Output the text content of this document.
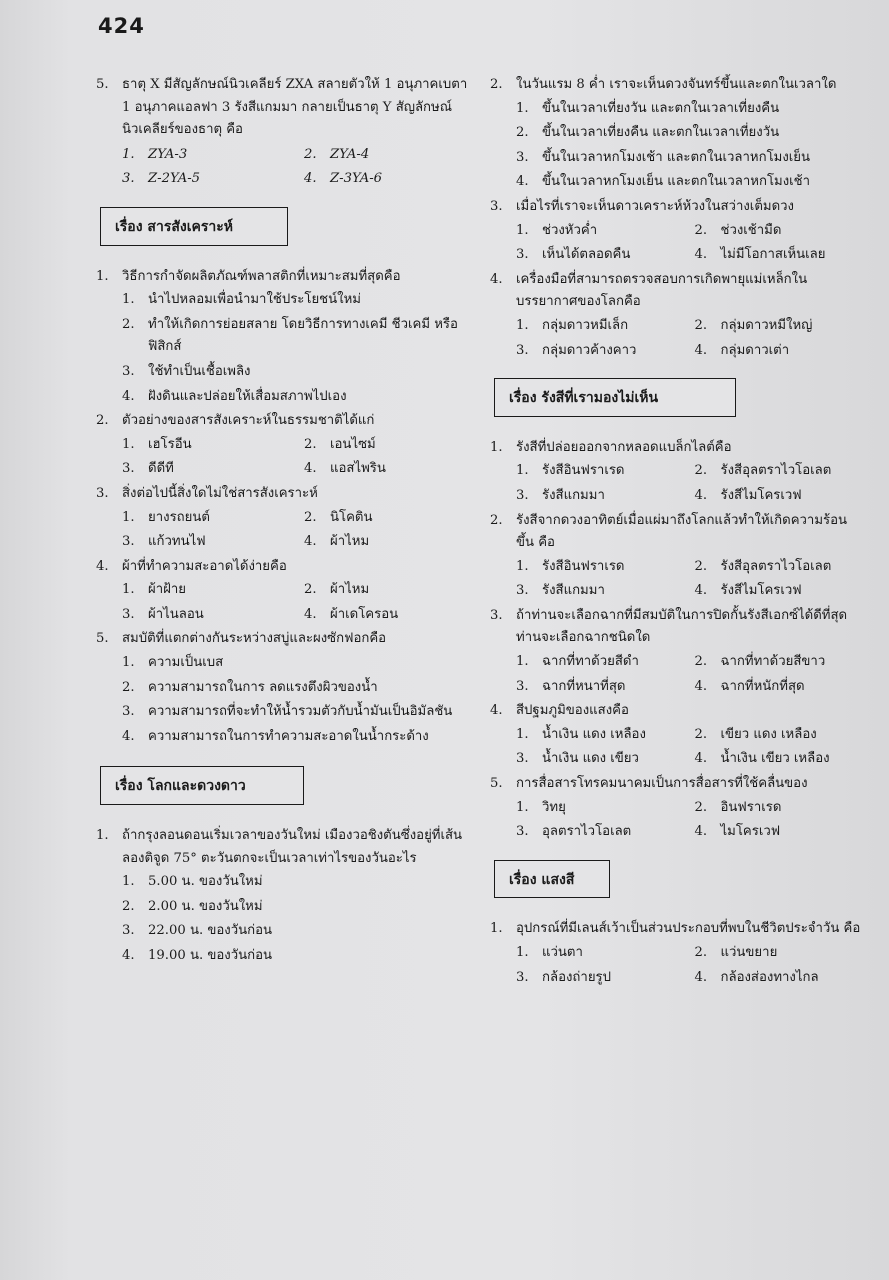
424
5.	ธาตุ X มีสัญลักษณ์นิวเคลียร์ ZXA สลายตัวให้ 1 อนุภาคเบตา 1 อนุภาคแอลฟา 3 รังสีแกมมา กลายเป็นธาตุ Y สัญลักษณ์นิวเคลียร์ของธาตุ คือ
1. ZYA-3	2. ZYA-4
3. Z-2YA-5	4. Z-3YA-6
เรื่อง สารสังเคราะห์
1.	วิธีการกำจัดผลิตภัณฑ์พลาสติกที่เหมาะสมที่สุดคือ
1. นำไปหลอมเพื่อนำมาใช้ประโยชน์ใหม่
2. ทำให้เกิดการย่อยสลาย โดยวิธีการทางเคมี ชีวเคมี หรือ ฟิสิกส์
3. ใช้ทำเป็นเชื้อเพลิง
4. ฝังดินและปล่อยให้เสื่อมสภาพไปเอง
2.	ตัวอย่างของสารสังเคราะห์ในธรรมชาติได้แก่
1. เฮโรอีน	2. เอนไซม์
3. ดีดีที	4. แอสไพริน
3.	สิ่งต่อไปนี้สิ่งใดไม่ใช่สารสังเคราะห์
1. ยางรถยนต์	2. นิโคติน
3. แก้วทนไฟ	4. ผ้าไหม
4.	ผ้าที่ทำความสะอาดได้ง่ายคือ
1. ผ้าฝ้าย	2. ผ้าไหม
3. ผ้าไนลอน	4. ผ้าเดโครอน
5.	สมบัติที่แตกต่างกันระหว่างสบู่และผงซักฟอกคือ
1. ความเป็นเบส
2. ความสามารถในการ ลดแรงตึงผิวของน้ำ
3. ความสามารถที่จะทำให้น้ำรวมตัวกับน้ำมันเป็นอิมัลชัน
4. ความสามารถในการทำความสะอาดในน้ำกระด้าง
เรื่อง โลกและดวงดาว
1.	ถ้ากรุงลอนดอนเริ่มเวลาของวันใหม่ เมืองวอชิงตันซึ่งอยู่ที่เส้นลองติจูด 75° ตะวันตกจะเป็นเวลาเท่าไรของวันอะไร
1. 5.00 น. ของวันใหม่
2. 2.00 น. ของวันใหม่
3. 22.00 น. ของวันก่อน
4. 19.00 น. ของวันก่อน
2.	ในวันแรม 8 ค่ำ เราจะเห็นดวงจันทร์ขึ้นและตกในเวลาใด
1. ขึ้นในเวลาเที่ยงวัน และตกในเวลาเที่ยงคืน
2. ขึ้นในเวลาเที่ยงคืน และตกในเวลาเที่ยงวัน
3. ขึ้นในเวลาหกโมงเช้า และตกในเวลาหกโมงเย็น
4. ขึ้นในเวลาหกโมงเย็น และตกในเวลาหกโมงเช้า
3.	เมื่อไรที่เราจะเห็นดาวเคราะห์ห้วงในสว่างเต็มดวง
1. ช่วงหัวค่ำ	2. ช่วงเช้ามืด
3. เห็นได้ตลอดคืน	4. ไม่มีโอกาสเห็นเลย
4.	เครื่องมือที่สามารถตรวจสอบการเกิดพายุแม่เหล็กในบรรยากาศของโลกคือ
1. กลุ่มดาวหมีเล็ก	2. กลุ่มดาวหมีใหญ่
3. กลุ่มดาวค้างคาว	4. กลุ่มดาวเต่า
เรื่อง รังสีที่เรามองไม่เห็น
1.	รังสีที่ปล่อยออกจากหลอดแบล็กไลต์คือ
1. รังสีอินฟราเรด	2. รังสีอุลตราไวโอเลต
3. รังสีแกมมา	4. รังสีไมโครเวฟ
2.	รังสีจากดวงอาทิตย์เมื่อแผ่มาถึงโลกแล้วทำให้เกิดความร้อนขึ้น คือ
1. รังสีอินฟราเรด	2. รังสีอุลตราไวโอเลต
3. รังสีแกมมา	4. รังสีไมโครเวฟ
3.	ถ้าท่านจะเลือกฉากที่มีสมบัติในการปิดกั้นรังสีเอกซ์ได้ดีที่สุดท่านจะเลือกฉากชนิดใด
1. ฉากที่ทาด้วยสีดำ	2. ฉากที่ทาด้วยสีขาว
3. ฉากที่หนาที่สุด	4. ฉากที่หนักที่สุด
4.	สีปฐมภูมิของแสงคือ
1. น้ำเงิน แดง เหลือง	2. เขียว แดง เหลือง
3. น้ำเงิน แดง เขียว	4. น้ำเงิน เขียว เหลือง
5.	การสื่อสารโทรคมนาคมเป็นการสื่อสารที่ใช้คลื่นของ
1. วิทยุ	2. อินฟราเรด
3. อุลตราไวโอเลต	4. ไมโครเวฟ
เรื่อง แสงสี
1.	อุปกรณ์ที่มีเลนส์เว้าเป็นส่วนประกอบที่พบในชีวิตประจำวัน คือ
1. แว่นตา	2. แว่นขยาย
3. กล้องถ่ายรูป	4. กล้องส่องทางไกล
